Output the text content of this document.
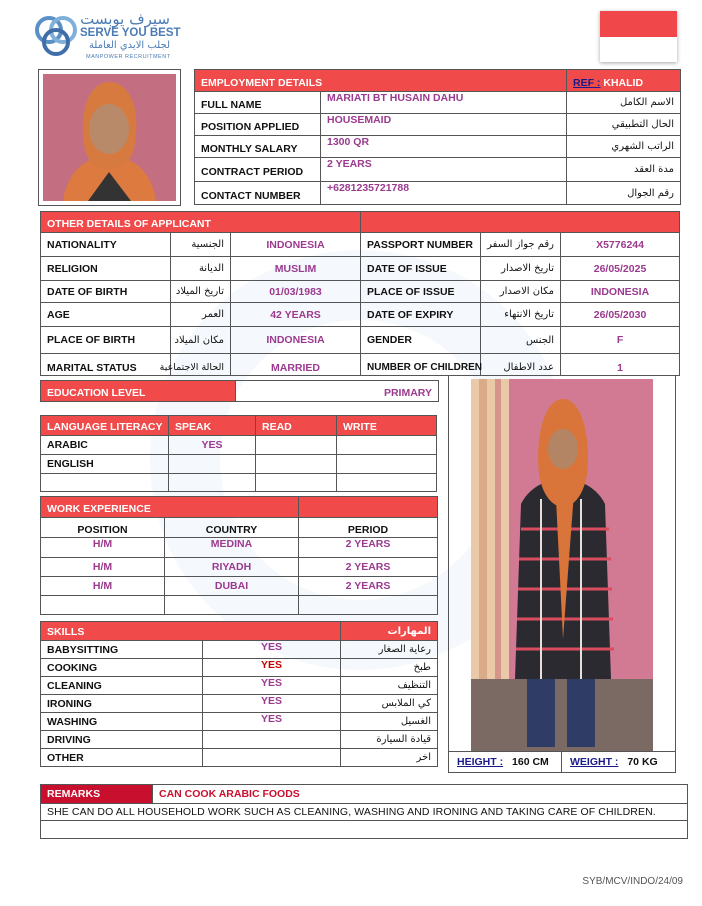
سيرف يوبست
SERVE YOU BEST
لجلب الايدي العاملة
MANPOWER RECRUITMENT
EMPLOYMENT DETAILS		REF : KHALID
FULL NAME	MARIATI BT HUSAIN DAHU	الاسم الكامل
POSITION APPLIED	HOUSEMAID	الحال التطبيقي
MONTHLY SALARY	1300 QR	الراتب الشهري
CONTRACT PERIOD	2 YEARS	مدة العقد
CONTACT NUMBER	+6281235721788	رقم الجوال
OTHER DETAILS OF APPLICANT					
NATIONALITY	الجنسية	INDONESIA	PASSPORT NUMBER	رقم جواز السفر	X5776244
RELIGION	الديانة	MUSLIM	DATE OF ISSUE	تاريخ الاصدار	26/05/2025
DATE OF BIRTH	تاريخ الميلاد	01/03/1983	PLACE OF ISSUE	مكان الاصدار	INDONESIA
AGE	العمر	42 YEARS	DATE OF EXPIRY	تاريخ الانتهاء	26/05/2030
PLACE OF BIRTH	مكان الميلاد	INDONESIA	GENDER	الجنس	F
MARITAL STATUS	الحالة الاجتماعية	MARRIED	NUMBER OF CHILDREN	عدد الاطفال	1
EDUCATION LEVEL	PRIMARY
LANGUAGE LITERACY	SPEAK	READ	WRITE
ARABIC	YES		
ENGLISH			

WORK EXPERIENCE		
POSITION	COUNTRY	PERIOD
H/M	MEDINA	2 YEARS
H/M	RIYADH	2 YEARS
H/M	DUBAI	2 YEARS

SKILLS		المهارات
BABYSITTING	YES	رعاية الصغار
COOKING	YES	طبخ
CLEANING	YES	التنظيف
IRONING	YES	كي الملابس
WASHING	YES	الغسيل
DRIVING		قيادة السيارة
OTHER		اخر	HEIGHT : 160 CM	WEIGHT : 70 KG
REMARKS	CAN COOK ARABIC FOODS
SHE CAN DO ALL HOUSEHOLD WORK SUCH AS CLEANING, WASHING AND IRONING AND TAKING CARE OF CHILDREN.

SYB/MCV/INDO/24/09
